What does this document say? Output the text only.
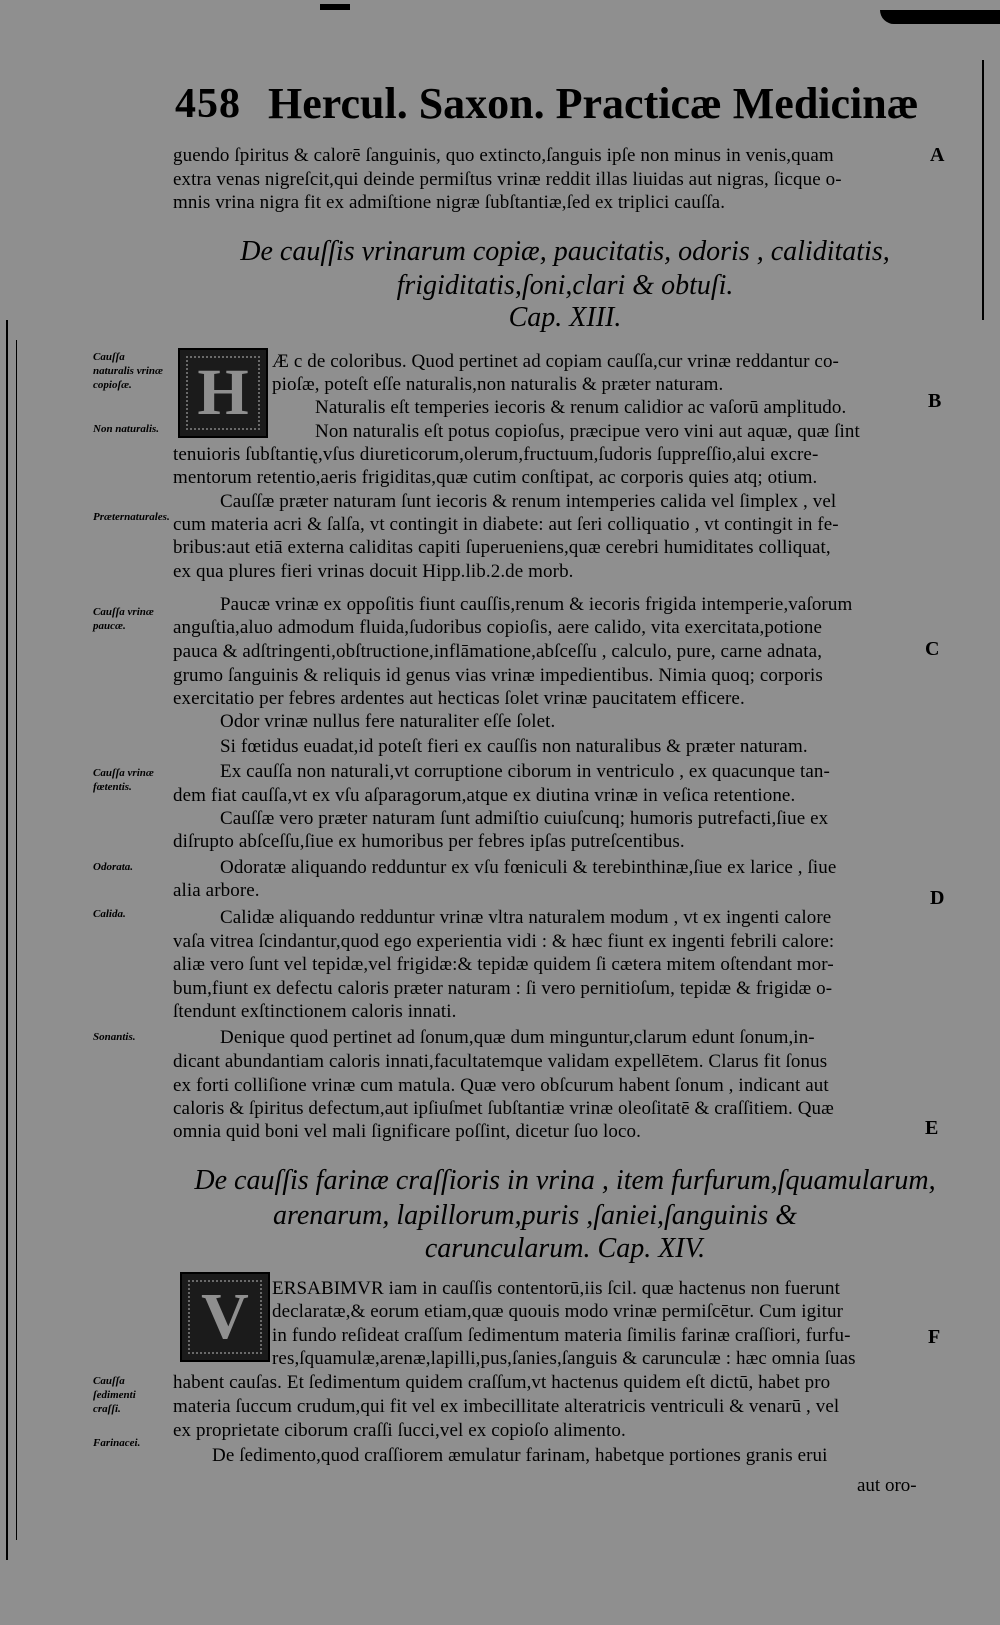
458 Hercul. Saxon. Practicæ Medicinæ
guendo ſpiritus & calorē ſanguinis, quo extincto,ſanguis ipſe non minus in venis,quam
extra venas nigreſcit,qui deinde permiſtus vrinæ reddit illas liuidas aut nigras, ſicque o-
mnis vrina nigra fit ex admiſtione nigræ ſubſtantiæ,ſed ex triplici cauſſa.
De cauſſis vrinarum copiæ, paucitatis, odoris , caliditatis,
frigiditatis,ſoni,clari & obtuſi.
Cap. XIII.
H	Æ c de coloribus. Quod pertinet ad copiam cauſſa,cur vrinæ reddantur co-
pioſæ, poteſt eſſe naturalis,non naturalis & præter naturam.
Naturalis eſt temperies iecoris & renum calidior ac vaſorū amplitudo.
Non naturalis eſt potus copioſus, præcipue vero vini aut aquæ, quæ ſint
tenuioris ſubſtantię,vſus diureticorum,olerum,fructuum,ſudoris ſuppreſſio,alui excre-
mentorum retentio,aeris frigiditas,quæ cutim conſtipat, ac corporis quies atq; otium.
Cauſſæ præter naturam ſunt iecoris & renum intemperies calida vel ſimplex , vel
cum materia acri & ſalſa, vt contingit in diabete: aut ſeri colliquatio , vt contingit in fe-
bribus:aut etiā externa caliditas capiti ſuperueniens,quæ cerebri humiditates colliquat,
ex qua plures fieri vrinas docuit Hipp.lib.2.de morb.
Paucæ vrinæ ex oppoſitis fiunt cauſſis,renum & iecoris frigida intemperie,vaſorum
anguſtia,aluo admodum fluida,ſudoribus copioſis, aere calido, vita exercitata,potione
pauca & adſtringenti,obſtructione,inflāmatione,abſceſſu , calculo, pure, carne adnata,
grumo ſanguinis & reliquis id genus vias vrinæ impedientibus. Nimia quoq; corporis
exercitatio per febres ardentes aut hecticas ſolet vrinæ paucitatem efficere.
Odor vrinæ nullus fere naturaliter eſſe ſolet.
Si fœtidus euadat,id poteſt fieri ex cauſſis non naturalibus & præter naturam.
Ex cauſſa non naturali,vt corruptione ciborum in ventriculo , ex quacunque tan-
dem fiat cauſſa,vt ex vſu aſparagorum,atque ex diutina vrinæ in veſica retentione.
Cauſſæ vero præter naturam ſunt admiſtio cuiuſcunq; humoris putrefacti,ſiue ex
diſrupto abſceſſu,ſiue ex humoribus per febres ipſas putreſcentibus.
Odoratæ aliquando redduntur ex vſu fœniculi & terebinthinæ,ſiue ex larice , ſiue
alia arbore.
Calidæ aliquando redduntur vrinæ vltra naturalem modum , vt ex ingenti calore
vaſa vitrea ſcindantur,quod ego experientia vidi : & hæc fiunt ex ingenti febrili calore:
aliæ vero ſunt vel tepidæ,vel frigidæ:& tepidæ quidem ſi cætera mitem oſtendant mor-
bum,fiunt ex defectu caloris præter naturam : ſi vero pernitioſum, tepidæ & frigidæ o-
ſtendunt exſtinctionem caloris innati.
Denique quod pertinet ad ſonum,quæ dum minguntur,clarum edunt ſonum,in-
dicant abundantiam caloris innati,facultatemque validam expellētem. Clarus fit ſonus
ex forti colliſione vrinæ cum matula. Quæ vero obſcurum habent ſonum , indicant aut
caloris & ſpiritus defectum,aut ipſiuſmet ſubſtantiæ vrinæ oleoſitatē & craſſitiem. Quæ
omnia quid boni vel mali ſignificare poſſint, dicetur ſuo loco.
De cauſſis farinæ craſſioris in vrina , item furfurum,ſquamularum,
arenarum, lapillorum,puris ,ſaniei,ſanguinis &
caruncularum. Cap. XIV.
V	ERSABIMVR iam in cauſſis contentorū,iis ſcil. quæ hactenus non fuerunt
declaratæ,& eorum etiam,quæ quouis modo vrinæ permiſcētur. Cum igitur
in fundo reſideat craſſum ſedimentum materia ſimilis farinæ craſſiori, furfu-
res,ſquamulæ,arenæ,lapilli,pus,ſanies,ſanguis & carunculæ : hæc omnia ſuas
habent cauſas. Et ſedimentum quidem craſſum,vt hactenus quidem eſt dictū, habet pro
materia ſuccum crudum,qui fit vel ex imbecillitate alteratricis ventriculi & venarū , vel
ex proprietate ciborum craſſi ſucci,vel ex copioſo alimento.
De ſedimento,quod craſſiorem æmulatur farinam, habetque portiones granis erui
aut oro-
Cauſſa naturalis vrinæ copioſæ.
Non naturalis.
Præternaturales.
Cauſſa vrinæ paucæ.
Cauſſa vrinæ fœtentis.
Odorata.
Calida.
Sonantis.
Cauſſa ſedimenti craſſi.
Farinacei.
A
B
C
D
E
F
